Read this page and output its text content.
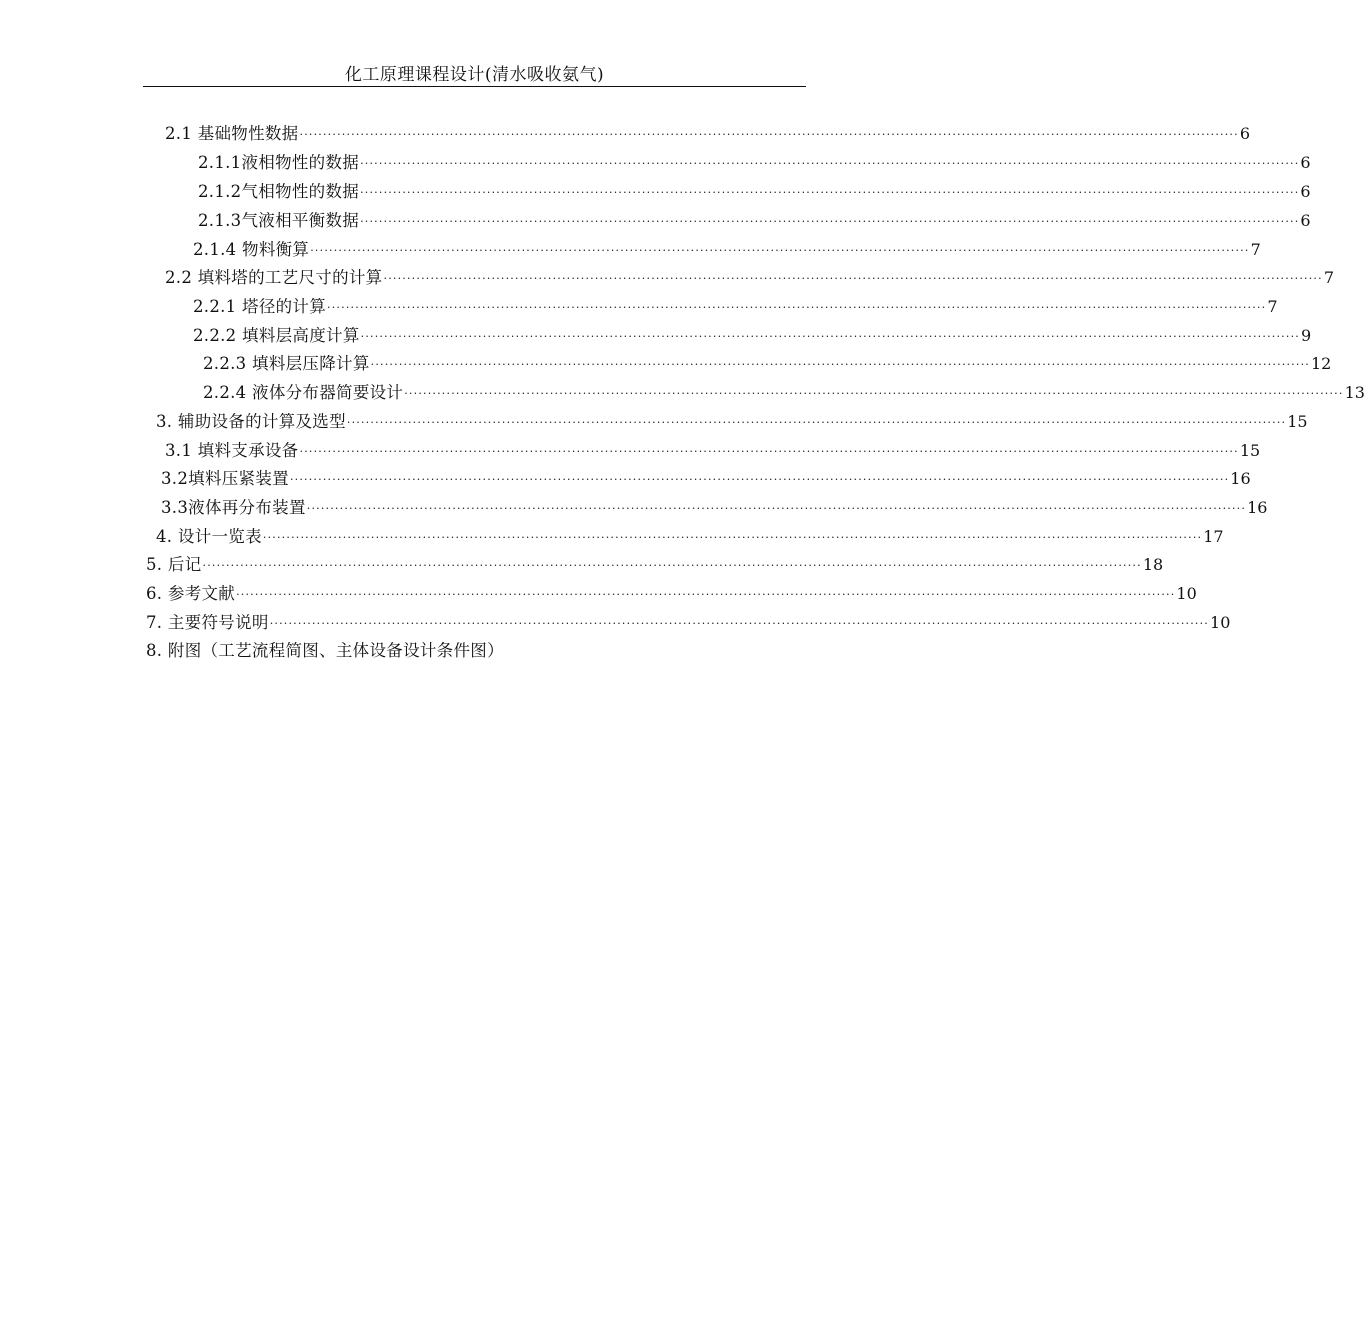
化工原理课程设计(清水吸收氨气)
2.1 基础物性数据 ········································································································································································································ 6
2.1.1液相物性的数据 ········································································································································································································ 6
2.1.2气相物性的数据 ········································································································································································································ 6
2.1.3气液相平衡数据 ········································································································································································································ 6
2.1.4 物料衡算 ········································································································································································································ 7
2.2 填料塔的工艺尺寸的计算 ········································································································································································································ 7
2.2.1 塔径的计算 ········································································································································································································ 7
2.2.2 填料层高度计算 ········································································································································································································ 9
2.2.3 填料层压降计算 ········································································································································································································ 12
2.2.4 液体分布器简要设计 ········································································································································································································ 13
3. 辅助设备的计算及选型 ········································································································································································································ 15
3.1 填料支承设备 ········································································································································································································ 15
3.2填料压紧装置 ········································································································································································································ 16
3.3液体再分布装置 ········································································································································································································ 16
4. 设计一览表 ········································································································································································································ 17
5. 后记 ········································································································································································································ 18
6. 参考文献 ········································································································································································································ 10
7. 主要符号说明 ········································································································································································································ 10
8. 附图（工艺流程简图、主体设备设计条件图）
